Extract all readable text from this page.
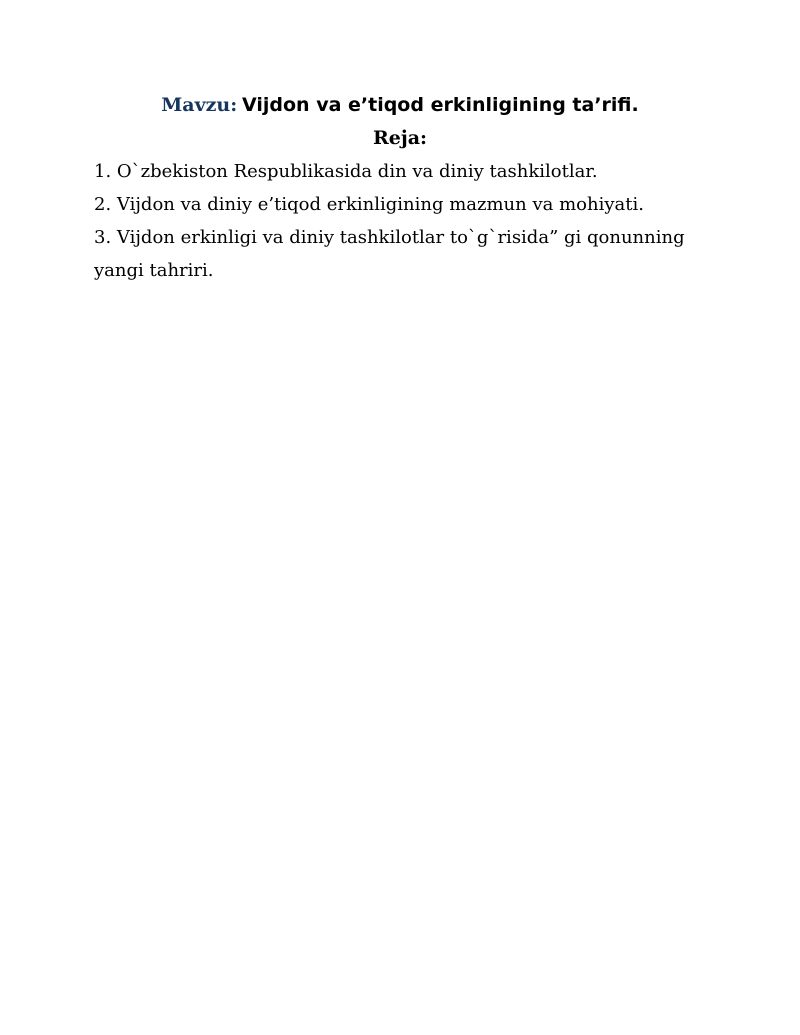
Mavzu: Vijdon va e’tiqod erkinligining ta’rifi.
Reja:
1. O`zbekiston Respublikasida din va diniy tashkilotlar.
2. Vijdon va diniy e’tiqod erkinligining mazmun va mohiyati.
3. Vijdon erkinligi va diniy tashkilotlar to`g`risida” gi qonunning yangi tahriri.
